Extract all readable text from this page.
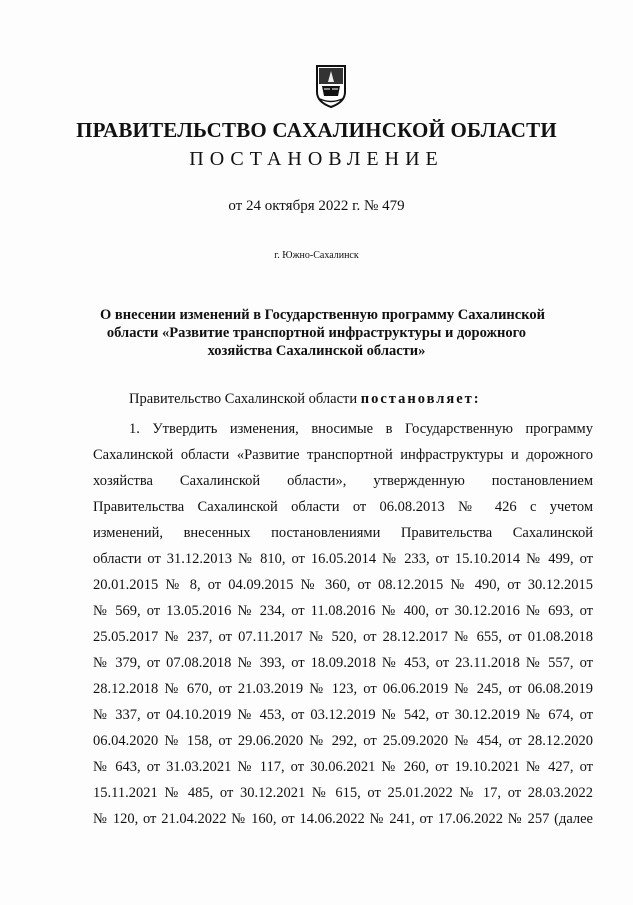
ПРАВИТЕЛЬСТВО САХАЛИНСКОЙ ОБЛАСТИ
ПОСТАНОВЛЕНИЕ
от 24 октября 2022 г. № 479
г. Южно-Сахалинск
О внесении изменений в Государственную программу Сахалинской
области «Развитие транспортной инфраструктуры и дорожного
хозяйства Сахалинской области»
Правительство Сахалинской области постановляет:
1. Утвердить изменения, вносимые в Государственную программу
Сахалинской области «Развитие транспортной инфраструктуры и дорожного
хозяйства Сахалинской области», утвержденную постановлением
Правительства Сахалинской области от 06.08.2013 № 426 с учетом
изменений, внесенных постановлениями Правительства Сахалинской
области от 31.12.2013 № 810, от 16.05.2014 № 233, от 15.10.2014 № 499, от
20.01.2015 № 8, от 04.09.2015 № 360, от 08.12.2015 № 490, от 30.12.2015
№ 569, от 13.05.2016 № 234, от 11.08.2016 № 400, от 30.12.2016 № 693, от
25.05.2017 № 237, от 07.11.2017 № 520, от 28.12.2017 № 655, от 01.08.2018
№ 379, от 07.08.2018 № 393, от 18.09.2018 № 453, от 23.11.2018 № 557, от
28.12.2018 № 670, от 21.03.2019 № 123, от 06.06.2019 № 245, от 06.08.2019
№ 337, от 04.10.2019 № 453, от 03.12.2019 № 542, от 30.12.2019 № 674, от
06.04.2020 № 158, от 29.06.2020 № 292, от 25.09.2020 № 454, от 28.12.2020
№ 643, от 31.03.2021 № 117, от 30.06.2021 № 260, от 19.10.2021 № 427, от
15.11.2021 № 485, от 30.12.2021 № 615, от 25.01.2022 № 17, от 28.03.2022
№ 120, от 21.04.2022 № 160, от 14.06.2022 № 241, от 17.06.2022 № 257 (далее
